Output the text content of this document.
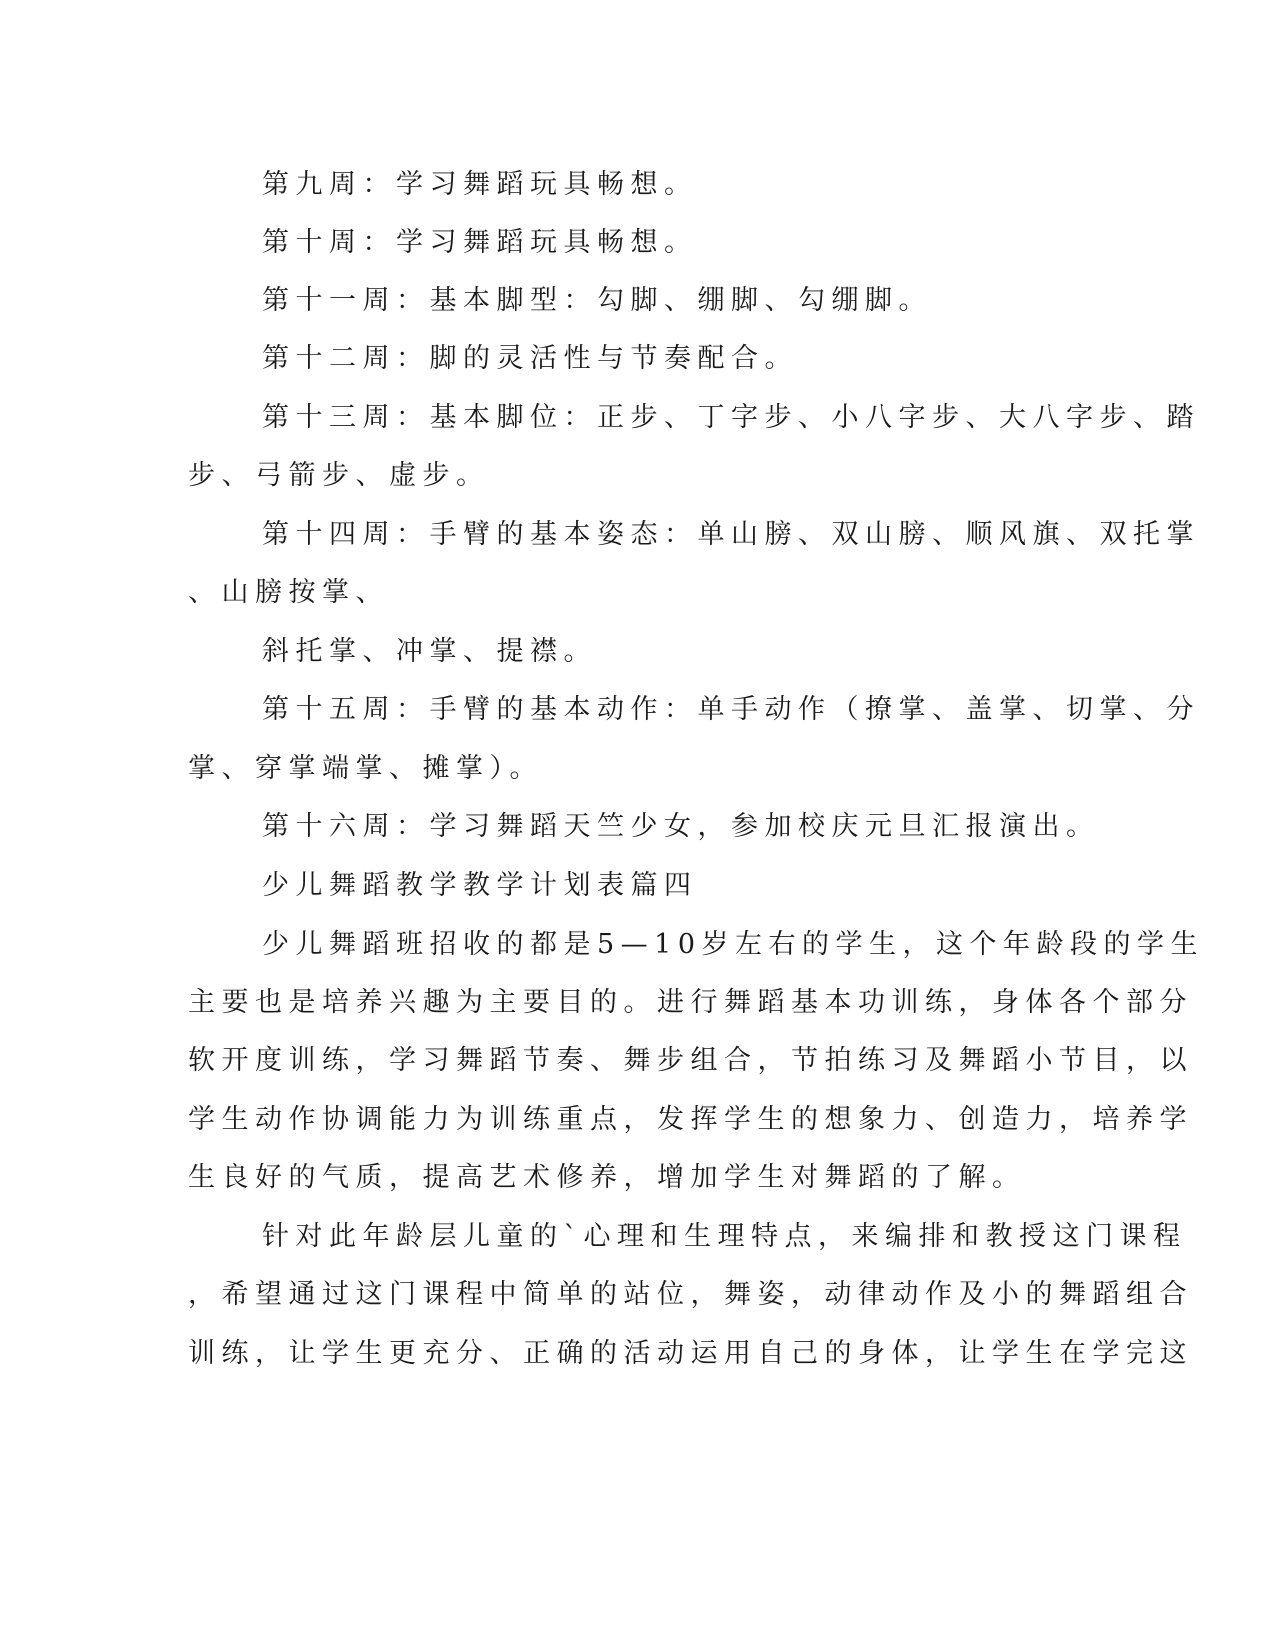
第九周：学习舞蹈玩具畅想。
第十周：学习舞蹈玩具畅想。
第十一周：基本脚型：勾脚、绷脚、勾绷脚。
第十二周：脚的灵活性与节奏配合。
第十三周：基本脚位：正步、丁字步、小八字步、大八字步、踏
步、弓箭步、虚步。
第十四周：手臂的基本姿态：单山膀、双山膀、顺风旗、双托掌
、山膀按掌、
斜托掌、冲掌、提襟。
第十五周：手臂的基本动作：单手动作（撩掌、盖掌、切掌、分
掌、穿掌端掌、摊掌）。
第十六周：学习舞蹈天竺少女，参加校庆元旦汇报演出。
少儿舞蹈教学教学计划表篇四
少儿舞蹈班招收的都是5—10岁左右的学生，这个年龄段的学生
主要也是培养兴趣为主要目的。进行舞蹈基本功训练，身体各个部分
软开度训练，学习舞蹈节奏、舞步组合，节拍练习及舞蹈小节目，以
学生动作协调能力为训练重点，发挥学生的想象力、创造力，培养学
生良好的气质，提高艺术修养，增加学生对舞蹈的了解。
针对此年龄层儿童的`心理和生理特点，来编排和教授这门课程
，希望通过这门课程中简单的站位，舞姿，动律动作及小的舞蹈组合
训练，让学生更充分、正确的活动运用自己的身体，让学生在学完这
